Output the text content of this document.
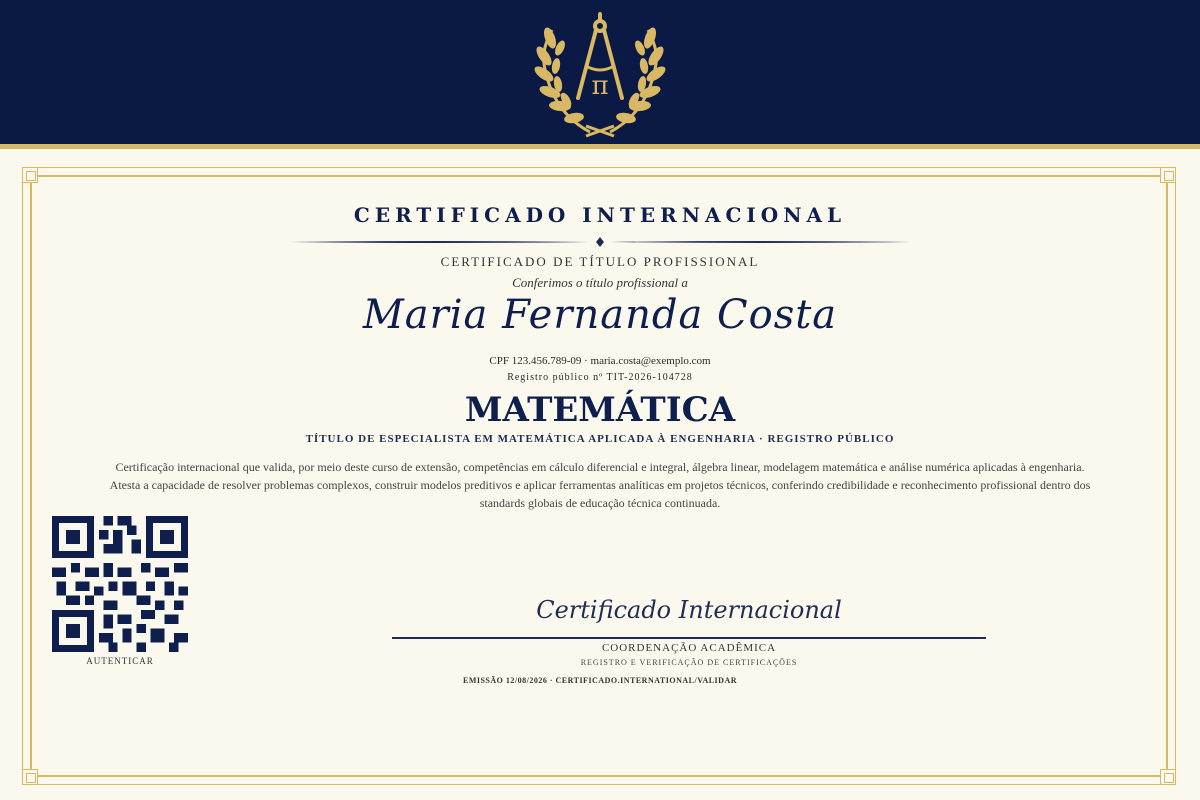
π
CERTIFICADO INTERNACIONAL
CERTIFICADO DE TÍTULO PROFISSIONAL
Conferimos o título profissional a
Maria Fernanda Costa
CPF 123.456.789-09 · maria.costa@exemplo.com
Registro público nº TIT-2026-104728
MATEMÁTICA
TÍTULO DE ESPECIALISTA EM MATEMÁTICA APLICADA À ENGENHARIA · REGISTRO PÚBLICO
Certificação internacional que valida, por meio deste curso de extensão, competências em cálculo diferencial e integral, álgebra linear, modelagem matemática e análise numérica aplicadas à engenharia. Atesta a capacidade de resolver problemas complexos, construir modelos preditivos e aplicar ferramentas analíticas em projetos técnicos, conferindo credibilidade e reconhecimento profissional dentro dos standards globais de educação técnica continuada.
AUTENTICAR
Certificado Internacional
COORDENAÇÃO ACADÊMICA
REGISTRO E VERIFICAÇÃO DE CERTIFICAÇÕES
EMISSÃO 12/08/2026 · CERTIFICADO.INTERNATIONAL/VALIDAR
